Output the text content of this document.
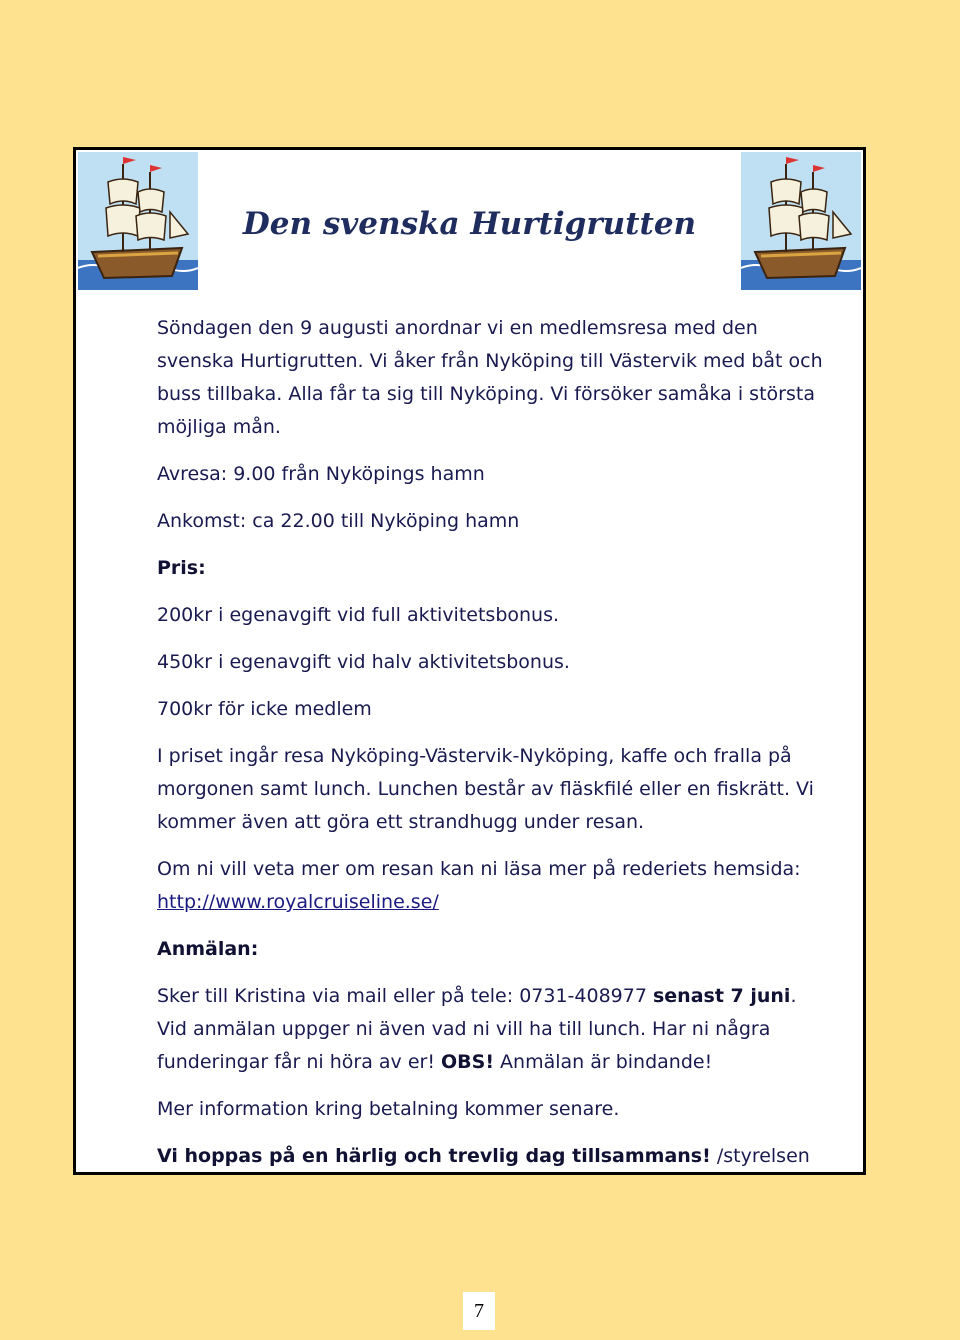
Den svenska Hurtigrutten

Söndagen den 9 augusti anordnar vi en medlemsresa med den svenska Hurtigrutten. Vi åker från Nyköping till Västervik med båt och buss tillbaka. Alla får ta sig till Nyköping. Vi försöker samåka i största möjliga mån.

Avresa: 9.00 från Nyköpings hamn

Ankomst: ca 22.00 till Nyköping hamn

Pris:

200kr i egenavgift vid full aktivitetsbonus.

450kr i egenavgift vid halv aktivitetsbonus.

700kr för icke medlem

I priset ingår resa Nyköping-Västervik-Nyköping, kaffe och fralla på morgonen samt lunch. Lunchen består av fläskfilé eller en fiskrätt. Vi kommer även att göra ett strandhugg under resan.

Om ni vill veta mer om resan kan ni läsa mer på rederiets hemsida:
http://www.royalcruiseline.se/

Anmälan:

Sker till Kristina via mail eller på tele: 0731-408977 senast 7 juni. Vid anmälan uppger ni även vad ni vill ha till lunch. Har ni några funderingar får ni höra av er! OBS! Anmälan är bindande!

Mer information kring betalning kommer senare.

Vi hoppas på en härlig och trevlig dag tillsammans! /styrelsen

7
